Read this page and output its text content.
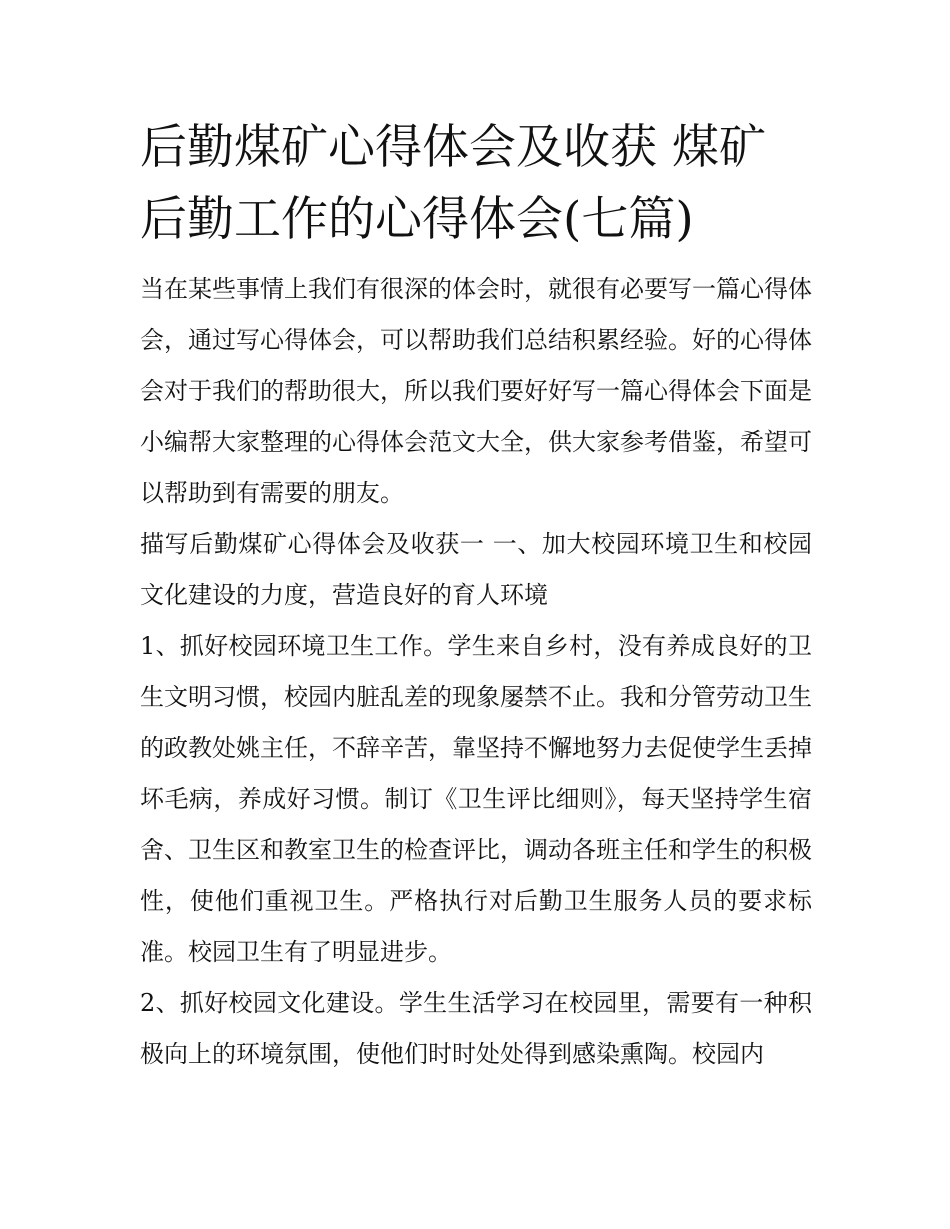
后勤煤矿心得体会及收获 煤矿后勤工作的心得体会(七篇)

当在某些事情上我们有很深的体会时，就很有必要写一篇心得体会，通过写心得体会，可以帮助我们总结积累经验。好的心得体会对于我们的帮助很大，所以我们要好好写一篇心得体会下面是小编帮大家整理的心得体会范文大全，供大家参考借鉴，希望可以帮助到有需要的朋友。

描写后勤煤矿心得体会及收获一 一、加大校园环境卫生和校园文化建设的力度，营造良好的育人环境

1、抓好校园环境卫生工作。学生来自乡村，没有养成良好的卫生文明习惯，校园内脏乱差的现象屡禁不止。我和分管劳动卫生的政教处姚主任，不辞辛苦，靠坚持不懈地努力去促使学生丢掉坏毛病，养成好习惯。制订《卫生评比细则》，每天坚持学生宿舍、卫生区和教室卫生的检查评比，调动各班主任和学生的积极性，使他们重视卫生。严格执行对后勤卫生服务人员的要求标准。校园卫生有了明显进步。

2、抓好校园文化建设。学生生活学习在校园里，需要有一种积极向上的环境氛围，使他们时时处处得到感染熏陶。校园内
